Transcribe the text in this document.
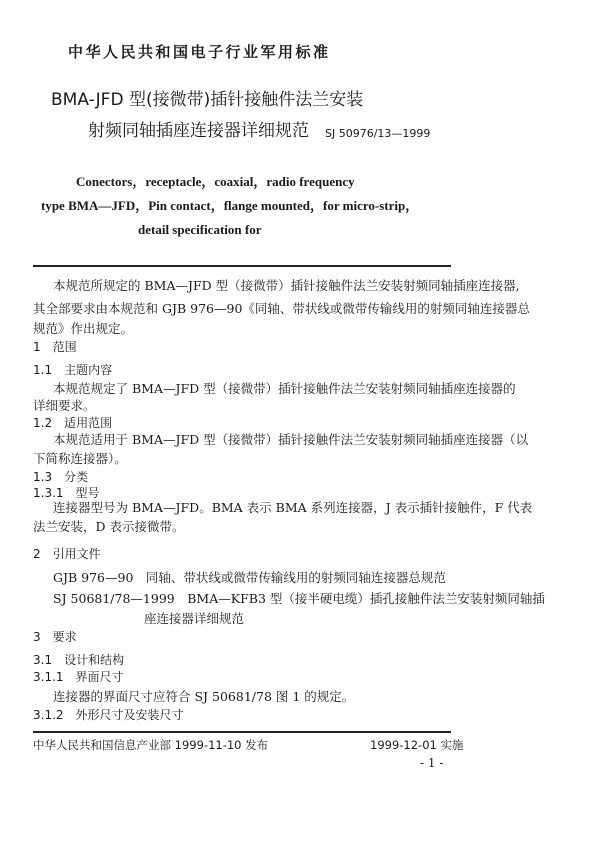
中华人民共和国电子行业军用标准
BMA-JFD 型(接微带)插针接触件法兰安装
射频同轴插座连接器详细规范 SJ 50976/13—1999
Conectors，receptacle，coaxial，radio frequency
type BMA—JFD，Pin contact，flange mounted，for micro-strip，
detail specification for
本规范所规定的 BMA—JFD 型（接微带）插针接触件法兰安装射频同轴插座连接器,
其全部要求由本规范和 GJB 976—90《同轴、带状线或微带传输线用的射频同轴连接器总
规范》作出规定。
1　范围
1.1　主题内容
本规范规定了 BMA—JFD 型（接微带）插针接触件法兰安装射频同轴插座连接器的
详细要求。
1.2　适用范围
本规范适用于 BMA—JFD 型（接微带）插针接触件法兰安装射频同轴插座连接器（以
下简称连接器）。
1.3　分类
1.3.1　型号
连接器型号为 BMA—JFD。BMA 表示 BMA 系列连接器，J 表示插针接触件，F 代表
法兰安装，D 表示接微带。
2　引用文件
GJB 976—90　同轴、带状线或微带传输线用的射频同轴连接器总规范
SJ 50681/78—1999　BMA—KFB3 型（接半硬电缆）插孔接触件法兰安装射频同轴插
座连接器详细规范
3　要求
3.1　设计和结构
3.1.1　界面尺寸
连接器的界面尺寸应符合 SJ 50681/78 图 1 的规定。
3.1.2　外形尺寸及安装尺寸
中华人民共和国信息产业部 1999-11-10 发布	1999-12-01 实施
- 1 -
